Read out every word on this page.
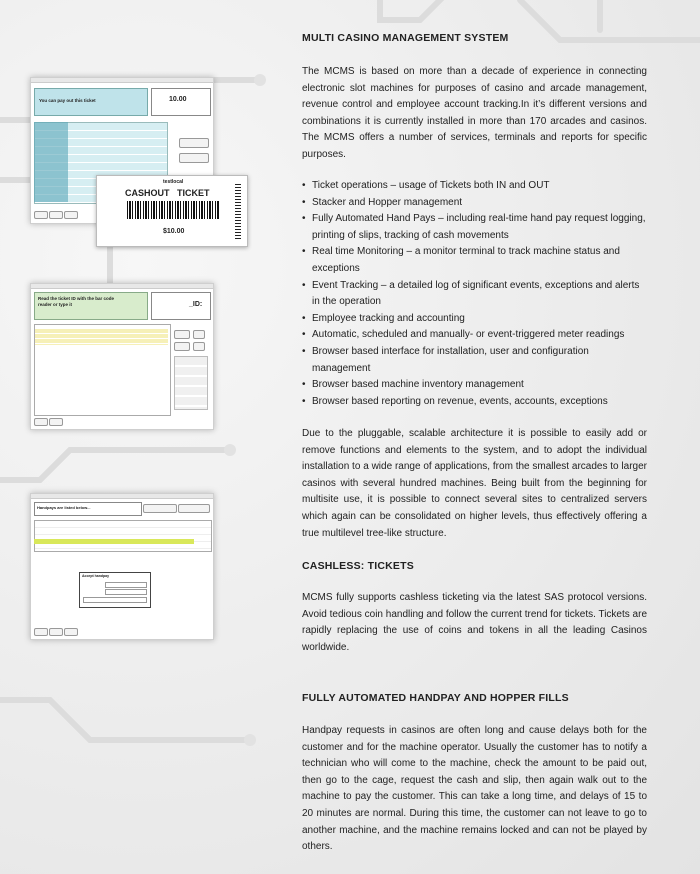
You can pay out this ticket	10.00
testlocal
CASHOUT   TICKET
$10.00
Read the ticket ID with the bar code reader or type it	_ID:
Handpays are listed below...
Accept handpay
MULTI CASINO MANAGEMENT SYSTEM

The MCMS is based on more than a decade of experience in connecting electronic slot machines for purposes of casino and arcade management, revenue control and employee account tracking.In it’s different versions and combinations it is currently installed in more than 170 arcades and casinos. The MCMS offers a number of services, terminals and reports for specific purposes.

• Ticket operations – usage of Tickets both IN and OUT
• Stacker and Hopper management
• Fully Automated Hand Pays – including real-time hand pay request logging, printing of slips, tracking of cash movements
• Real time Monitoring – a monitor terminal to track machine status and exceptions
• Event Tracking – a detailed log of significant events, exceptions and alerts in the operation
• Employee tracking and accounting
• Automatic, scheduled and manually- or event-triggered meter readings
• Browser based interface for installation, user and configuration management
• Browser based machine inventory management
• Browser based reporting on revenue, events, accounts, exceptions

Due to the pluggable, scalable architecture it is possible to easily add or remove functions and elements to the system, and to adopt the individual installation to a wide range of applications, from the smallest arcades to larger casinos with several hundred machines. Being built from the beginning for multisite use, it is possible to connect several sites to centralized servers which again can be consolidated on higher levels, thus effectively offering a true multilevel tree-like structure.

CASHLESS: TICKETS

MCMS fully supports cashless ticketing via the latest SAS protocol versions. Avoid tedious coin handling and follow the current trend for tickets. Tickets are rapidly replacing the use of coins and tokens in all the leading Casinos worldwide.

FULLY AUTOMATED HANDPAY AND HOPPER FILLS

Handpay requests in casinos are often long and cause delays both for the customer and for the machine operator. Usually the customer has to notify a technician who will come to the machine, check the amount to be paid out, then go to the cage, request the cash and slip, then again walk out to the machine to pay the customer. This can take a long time, and delays of 15 to 20 minutes are normal. During this time, the customer can not leave to go to another machine, and the machine remains locked and can not be played by others.
